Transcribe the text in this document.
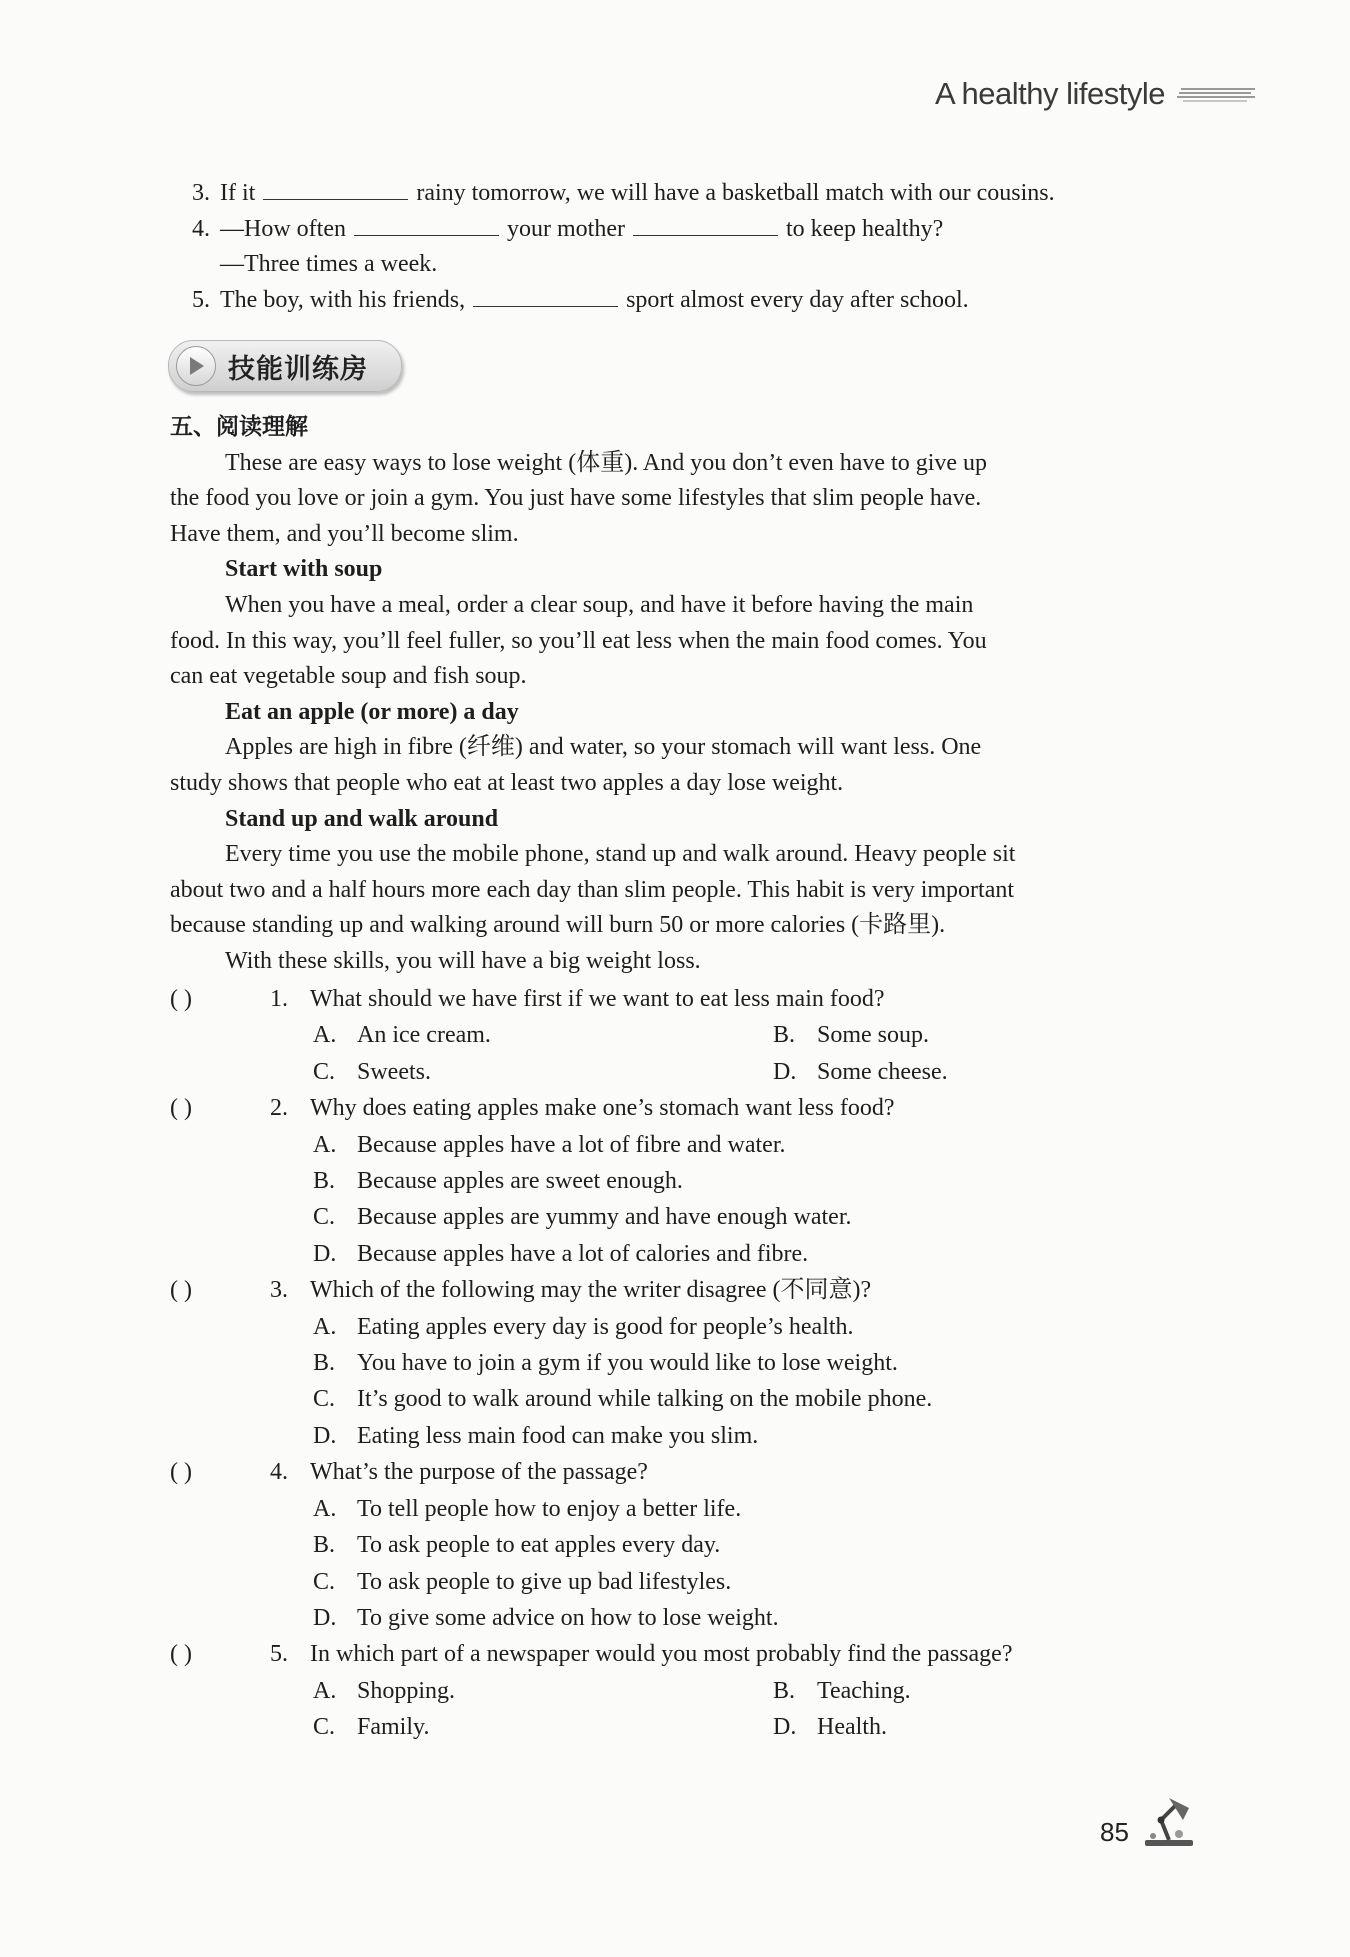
A healthy lifestyle
3. If it	rainy tomorrow, we will have a basketball match with our cousins.
4. —How often	your mother	to keep healthy?
—Three times a week.
5. The boy, with his friends,	sport almost every day after school.
技能训练房
五、阅读理解
These are easy ways to lose weight (体重). And you don’t even have to give up
the food you love or join a gym. You just have some lifestyles that slim people have.
Have them, and you’ll become slim.
Start with soup
When you have a meal, order a clear soup, and have it before having the main
food. In this way, you’ll feel fuller, so you’ll eat less when the main food comes. You
can eat vegetable soup and fish soup.
Eat an apple (or more) a day
Apples are high in fibre (纤维) and water, so your stomach will want less. One
study shows that people who eat at least two apples a day lose weight.
Stand up and walk around
Every time you use the mobile phone, stand up and walk around. Heavy people sit
about two and a half hours more each day than slim people. This habit is very important
because standing up and walking around will burn 50 or more calories (卡路里).
With these skills, you will have a big weight loss.
( )	1. What should we have first if we want to eat less main food?
A. An ice cream.	B. Some soup.
C. Sweets.	D. Some cheese.
( )	2. Why does eating apples make one’s stomach want less food?
A. Because apples have a lot of fibre and water.
B. Because apples are sweet enough.
C. Because apples are yummy and have enough water.
D. Because apples have a lot of calories and fibre.
( )	3. Which of the following may the writer disagree (不同意)?
A. Eating apples every day is good for people’s health.
B. You have to join a gym if you would like to lose weight.
C. It’s good to walk around while talking on the mobile phone.
D. Eating less main food can make you slim.
( )	4. What’s the purpose of the passage?
A. To tell people how to enjoy a better life.
B. To ask people to eat apples every day.
C. To ask people to give up bad lifestyles.
D. To give some advice on how to lose weight.
( )	5. In which part of a newspaper would you most probably find the passage?
A. Shopping.	B. Teaching.
C. Family.	D. Health.
85
